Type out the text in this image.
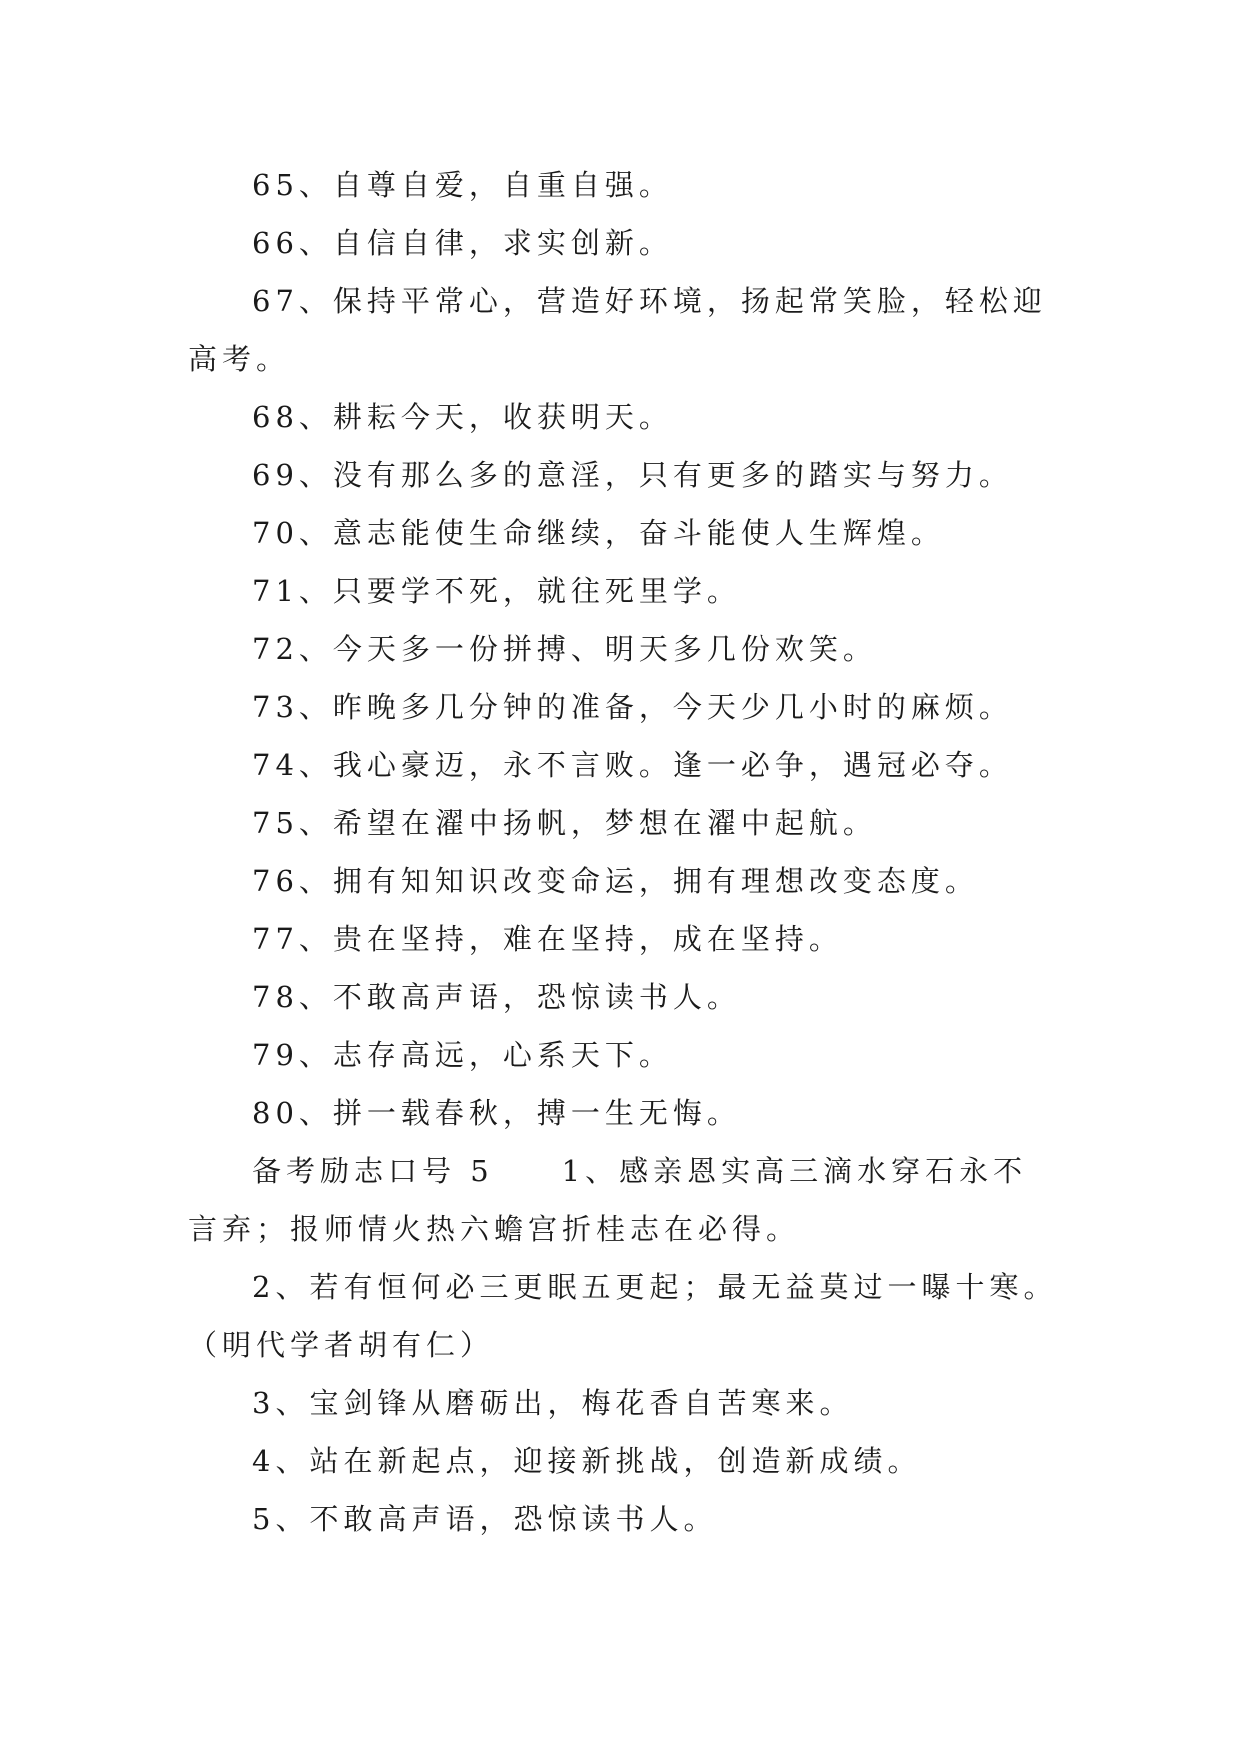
65、自尊自爱，自重自强。

66、自信自律，求实创新。

67、保持平常心，营造好环境，扬起常笑脸，轻松迎高考。

68、耕耘今天，收获明天。

69、没有那么多的意淫，只有更多的踏实与努力。

70、意志能使生命继续，奋斗能使人生辉煌。

71、只要学不死，就往死里学。

72、今天多一份拼搏、明天多几份欢笑。

73、昨晚多几分钟的准备，今天少几小时的麻烦。

74、我心豪迈，永不言败。逢一必争，遇冠必夺。

75、希望在濯中扬帆，梦想在濯中起航。

76、拥有知知识改变命运，拥有理想改变态度。

77、贵在坚持，难在坚持，成在坚持。

78、不敢高声语，恐惊读书人。

79、志存高远，心系天下。

80、拼一载春秋，搏一生无悔。

备考励志口号 5　　1、感亲恩实高三滴水穿石永不言弃；报师情火热六蟾宫折桂志在必得。

2、若有恒何必三更眠五更起；最无益莫过一曝十寒。（明代学者胡有仁）

3、宝剑锋从磨砺出，梅花香自苦寒来。

4、站在新起点，迎接新挑战，创造新成绩。

5、不敢高声语，恐惊读书人。
